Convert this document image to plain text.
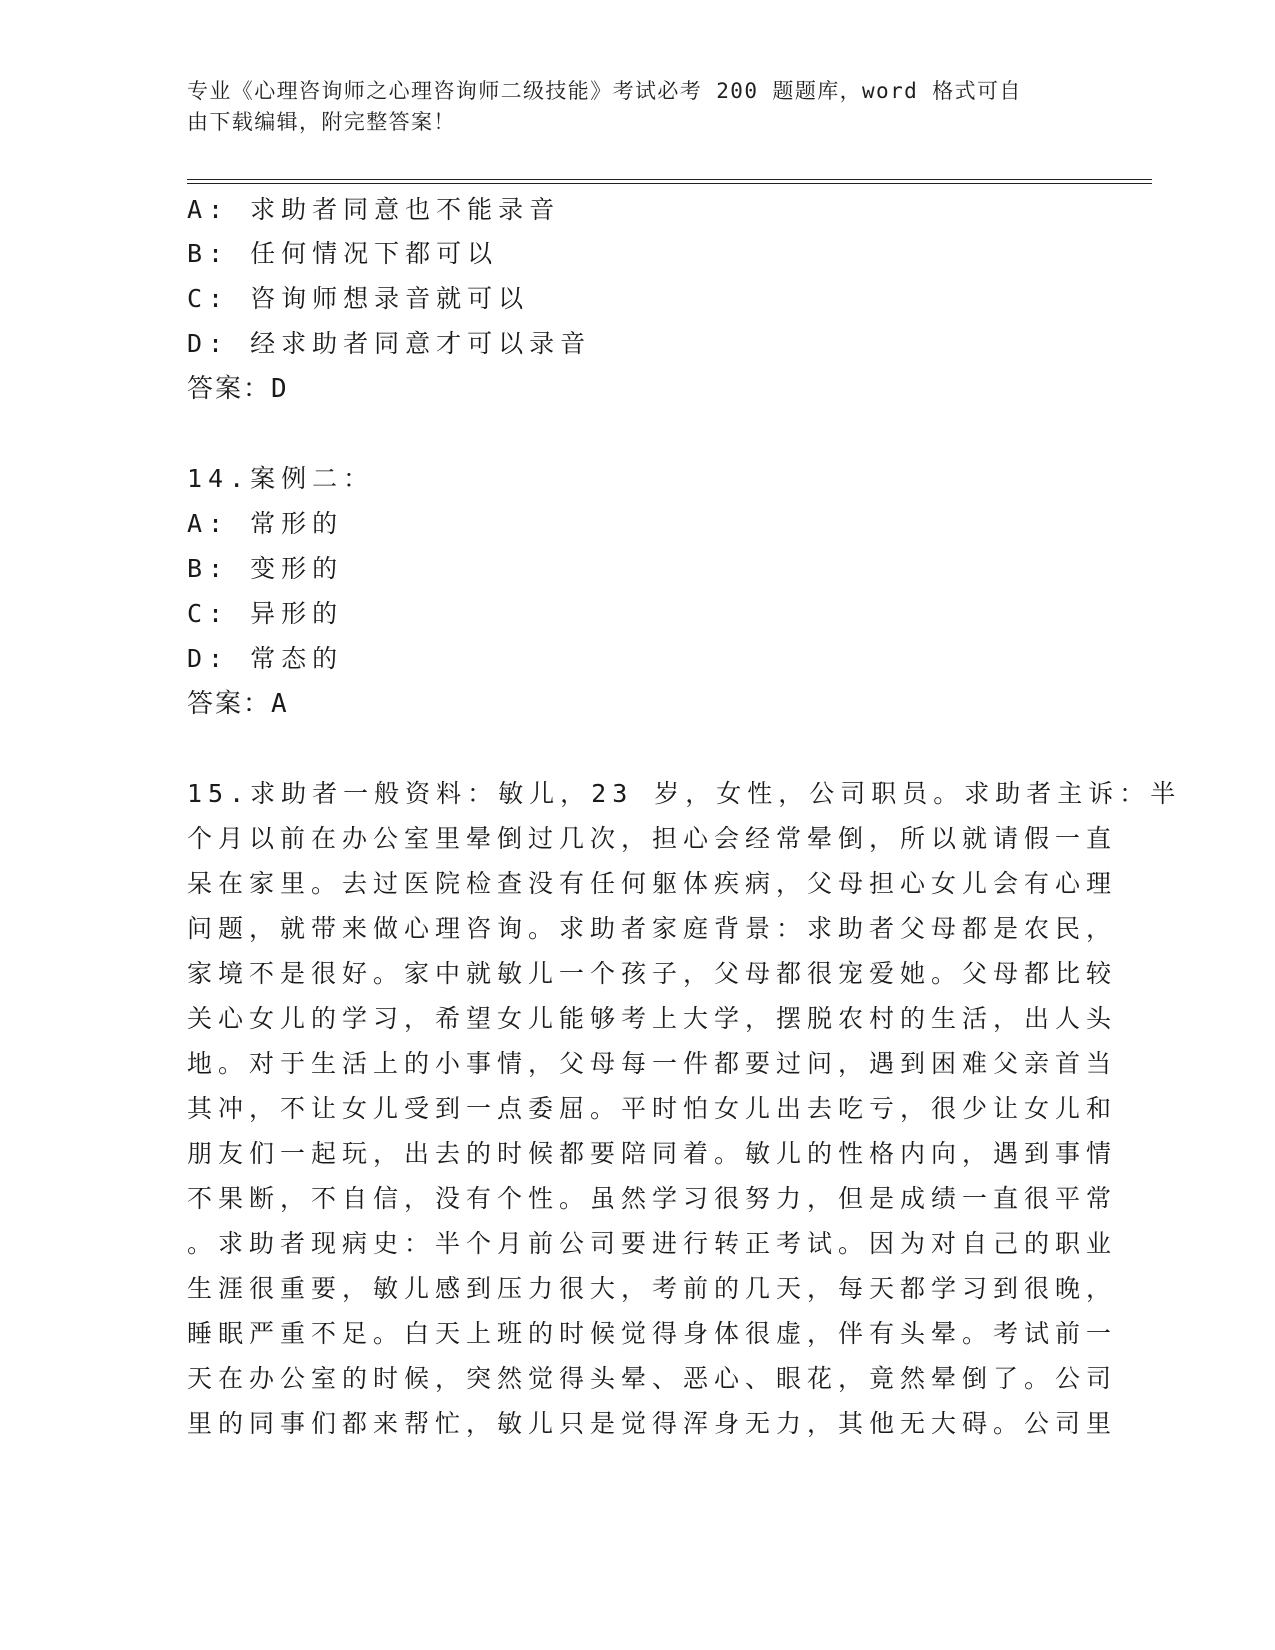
专业《心理咨询师之心理咨询师二级技能》考试必考 200 题题库，word 格式可自
由下载编辑，附完整答案！
A: 求助者同意也不能录音
B: 任何情况下都可以
C: 咨询师想录音就可以
D: 经求助者同意才可以录音
答案：D
14.案例二：
A: 常形的
B: 变形的
C: 异形的
D: 常态的
答案：A
15.求助者一般资料：敏儿，23 岁，女性，公司职员。求助者主诉：半
个月以前在办公室里晕倒过几次，担心会经常晕倒，所以就请假一直
呆在家里。去过医院检查没有任何躯体疾病，父母担心女儿会有心理
问题，就带来做心理咨询。求助者家庭背景：求助者父母都是农民，
家境不是很好。家中就敏儿一个孩子，父母都很宠爱她。父母都比较
关心女儿的学习，希望女儿能够考上大学，摆脱农村的生活，出人头
地。对于生活上的小事情，父母每一件都要过问，遇到困难父亲首当
其冲，不让女儿受到一点委屈。平时怕女儿出去吃亏，很少让女儿和
朋友们一起玩，出去的时候都要陪同着。敏儿的性格内向，遇到事情
不果断，不自信，没有个性。虽然学习很努力，但是成绩一直很平常
。求助者现病史：半个月前公司要进行转正考试。因为对自己的职业
生涯很重要，敏儿感到压力很大，考前的几天，每天都学习到很晚，
睡眠严重不足。白天上班的时候觉得身体很虚，伴有头晕。考试前一
天在办公室的时候，突然觉得头晕、恶心、眼花，竟然晕倒了。公司
里的同事们都来帮忙，敏儿只是觉得浑身无力，其他无大碍。公司里
